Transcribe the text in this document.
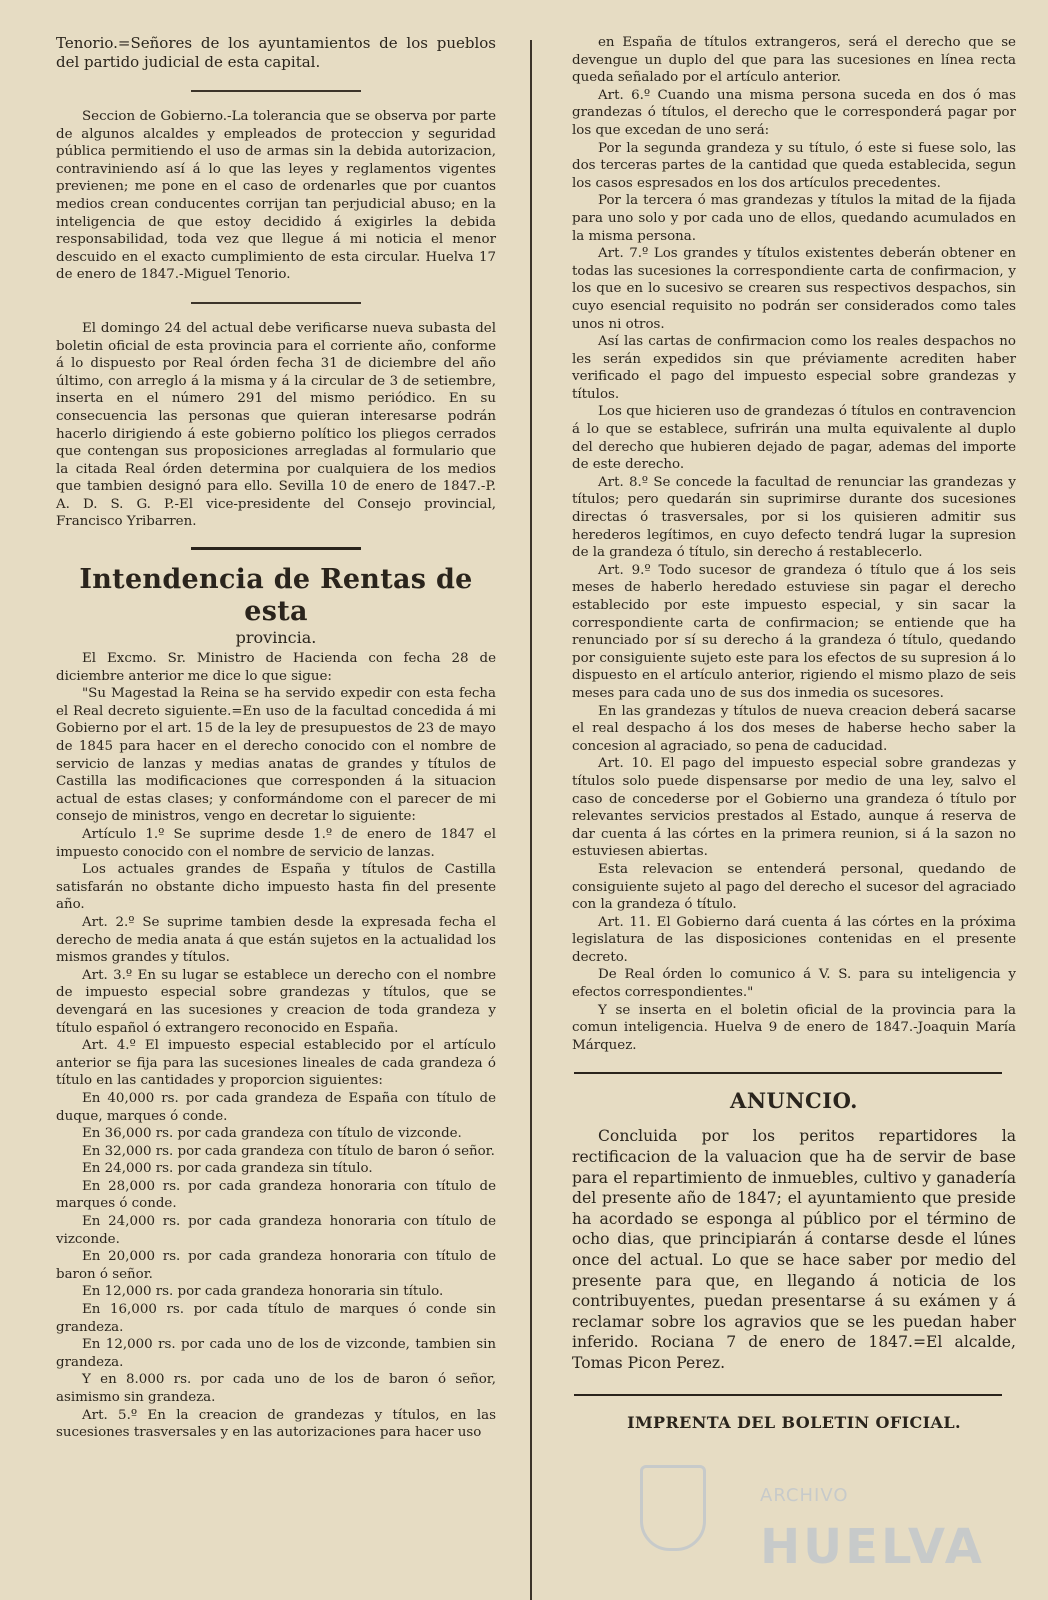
Tenorio.=Señores de los ayuntamientos de los pueblos del partido judicial de esta capital.

Seccion de Gobierno.-La tolerancia que se observa por parte de algunos alcaldes y empleados de proteccion y seguridad pública permitiendo el uso de armas sin la debida autorizacion, contraviniendo así á lo que las leyes y reglamentos vigentes previenen; me pone en el caso de ordenarles que por cuantos medios crean conducentes corrijan tan perjudicial abuso; en la inteligencia de que estoy decidido á exigirles la debida responsabilidad, toda vez que llegue á mi noticia el menor descuido en el exacto cumplimiento de esta circular. Huelva 17 de enero de 1847.-Miguel Tenorio.

El domingo 24 del actual debe verificarse nueva subasta del boletin oficial de esta provincia para el corriente año, conforme á lo dispuesto por Real órden fecha 31 de diciembre del año último, con arreglo á la misma y á la circular de 3 de setiembre, inserta en el número 291 del mismo periódico. En su consecuencia las personas que quieran interesarse podrán hacerlo dirigiendo á este gobierno político los pliegos cerrados que contengan sus proposiciones arregladas al formulario que la citada Real órden determina por cualquiera de los medios que tambien designó para ello. Sevilla 10 de enero de 1847.-P. A. D. S. G. P.-El vice-presidente del Consejo provincial, Francisco Yribarren.

Intendencia de Rentas de esta
provincia.

El Excmo. Sr. Ministro de Hacienda con fecha 28 de diciembre anterior me dice lo que sigue:

"Su Magestad la Reina se ha servido expedir con esta fecha el Real decreto siguiente.=En uso de la facultad concedida á mi Gobierno por el art. 15 de la ley de presupuestos de 23 de mayo de 1845 para hacer en el derecho conocido con el nombre de servicio de lanzas y medias anatas de grandes y títulos de Castilla las modificaciones que corresponden á la situacion actual de estas clases; y conformándome con el parecer de mi consejo de ministros, vengo en decretar lo siguiente:

Artículo 1.º Se suprime desde 1.º de enero de 1847 el impuesto conocido con el nombre de servicio de lanzas.

Los actuales grandes de España y títulos de Castilla satisfarán no obstante dicho impuesto hasta fin del presente año.

Art. 2.º Se suprime tambien desde la expresada fecha el derecho de media anata á que están sujetos en la actualidad los mismos grandes y títulos.

Art. 3.º En su lugar se establece un derecho con el nombre de impuesto especial sobre grandezas y títulos, que se devengará en las sucesiones y creacion de toda grandeza y título español ó extrangero reconocido en España.

Art. 4.º El impuesto especial establecido por el artículo anterior se fija para las sucesiones lineales de cada grandeza ó título en las cantidades y proporcion siguientes:

En 40,000 rs. por cada grandeza de España con título de duque, marques ó conde.

En 36,000 rs. por cada grandeza con título de vizconde.

En 32,000 rs. por cada grandeza con título de baron ó señor.

En 24,000 rs. por cada grandeza sin título.

En 28,000 rs. por cada grandeza honoraria con título de marques ó conde.

En 24,000 rs. por cada grandeza honoraria con título de vizconde.

En 20,000 rs. por cada grandeza honoraria con título de baron ó señor.

En 12,000 rs. por cada grandeza honoraria sin título.

En 16,000 rs. por cada título de marques ó conde sin grandeza.

En 12,000 rs. por cada uno de los de vizconde, tambien sin grandeza.

Y en 8.000 rs. por cada uno de los de baron ó señor, asimismo sin grandeza.

Art. 5.º En la creacion de grandezas y títulos, en las sucesiones trasversales y en las autorizaciones para hacer uso

en España de títulos extrangeros, será el derecho que se devengue un duplo del que para las sucesiones en línea recta queda señalado por el artículo anterior.

Art. 6.º Cuando una misma persona suceda en dos ó mas grandezas ó títulos, el derecho que le corresponderá pagar por los que excedan de uno será:

Por la segunda grandeza y su título, ó este si fuese solo, las dos terceras partes de la cantidad que queda establecida, segun los casos espresados en los dos artículos precedentes.

Por la tercera ó mas grandezas y títulos la mitad de la fijada para uno solo y por cada uno de ellos, quedando acumulados en la misma persona.

Art. 7.º Los grandes y títulos existentes deberán obtener en todas las sucesiones la correspondiente carta de confirmacion, y los que en lo sucesivo se crearen sus respectivos despachos, sin cuyo esencial requisito no podrán ser considerados como tales unos ni otros.

Así las cartas de confirmacion como los reales despachos no les serán expedidos sin que préviamente acrediten haber verificado el pago del impuesto especial sobre grandezas y títulos.

Los que hicieren uso de grandezas ó títulos en contravencion á lo que se establece, sufrirán una multa equivalente al duplo del derecho que hubieren dejado de pagar, ademas del importe de este derecho.

Art. 8.º Se concede la facultad de renunciar las grandezas y títulos; pero quedarán sin suprimirse durante dos sucesiones directas ó trasversales, por si los quisieren admitir sus herederos legítimos, en cuyo defecto tendrá lugar la supresion de la grandeza ó título, sin derecho á restablecerlo.

Art. 9.º Todo sucesor de grandeza ó título que á los seis meses de haberlo heredado estuviese sin pagar el derecho establecido por este impuesto especial, y sin sacar la correspondiente carta de confirmacion; se entiende que ha renunciado por sí su derecho á la grandeza ó título, quedando por consiguiente sujeto este para los efectos de su supresion á lo dispuesto en el artículo anterior, rigiendo el mismo plazo de seis meses para cada uno de sus dos inmedia os sucesores.

En las grandezas y títulos de nueva creacion deberá sacarse el real despacho á los dos meses de haberse hecho saber la concesion al agraciado, so pena de caducidad.

Art. 10. El pago del impuesto especial sobre grandezas y títulos solo puede dispensarse por medio de una ley, salvo el caso de concederse por el Gobierno una grandeza ó título por relevantes servicios prestados al Estado, aunque á reserva de dar cuenta á las córtes en la primera reunion, si á la sazon no estuviesen abiertas.

Esta relevacion se entenderá personal, quedando de consiguiente sujeto al pago del derecho el sucesor del agraciado con la grandeza ó título.

Art. 11. El Gobierno dará cuenta á las córtes en la próxima legislatura de las disposiciones contenidas en el presente decreto.

De Real órden lo comunico á V. S. para su inteligencia y efectos correspondientes."

Y se inserta en el boletin oficial de la provincia para la comun inteligencia. Huelva 9 de enero de 1847.-Joaquin María Márquez.

ANUNCIO.

Concluida por los peritos repartidores la rectificacion de la valuacion que ha de servir de base para el repartimiento de inmuebles, cultivo y ganadería del presente año de 1847; el ayuntamiento que preside ha acordado se esponga al público por el término de ocho dias, que principiarán á contarse desde el lúnes once del actual. Lo que se hace saber por medio del presente para que, en llegando á noticia de los contribuyentes, puedan presentarse á su exámen y á reclamar sobre los agravios que se les puedan haber inferido. Rociana 7 de enero de 1847.=El alcalde, Tomas Picon Perez.

IMPRENTA DEL BOLETIN OFICIAL.
ARCHIVO
HUELVA
